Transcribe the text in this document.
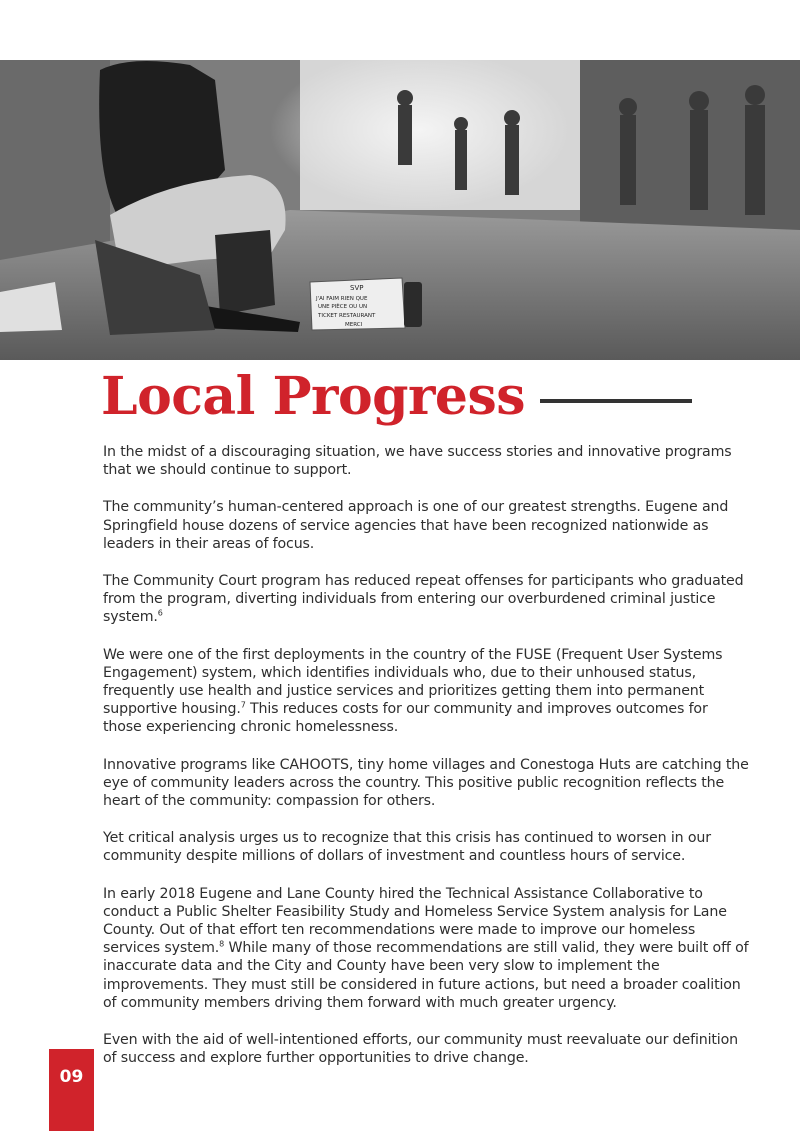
SVP
J'AI FAIM RIEN QUE
UNE PIÈCE OU UN
TICKET RESTAURANT
MERCI
Local Progress

In the midst of a discouraging situation, we have success stories and innovative programs that we should continue to support.

The community’s human-centered approach is one of our greatest strengths. Eugene and Springfield house dozens of service agencies that have been recognized nationwide as leaders in their areas of focus.

The Community Court program has reduced repeat offenses for participants who graduated from the program, diverting individuals from entering our overburdened criminal justice system.$^6$

We were one of the first deployments in the country of the FUSE (Frequent User Systems Engagement) system, which identifies individuals who, due to their unhoused status, frequently use health and justice services and prioritizes getting them into permanent supportive housing.$^7$ This reduces costs for our community and improves outcomes for those experiencing chronic homelessness.

Innovative programs like CAHOOTS, tiny home villages and Conestoga Huts are catching the eye of community leaders across the country. This positive public recognition reflects the heart of the community: compassion for others.

Yet critical analysis urges us to recognize that this crisis has continued to worsen in our community despite millions of dollars of investment and countless hours of service.

In early 2018 Eugene and Lane County hired the Technical Assistance Collaborative to conduct a Public Shelter Feasibility Study and Homeless Service System analysis for Lane County. Out of that effort ten recommendations were made to improve our homeless services system.$^8$ While many of those recommendations are still valid, they were built off of inaccurate data and the City and County have been very slow to implement the improvements. They must still be considered in future actions, but need a broader coalition of community members driving them forward with much greater urgency.

Even with the aid of well-intentioned efforts, our community must reevaluate our definition of success and explore further opportunities to drive change.

09
